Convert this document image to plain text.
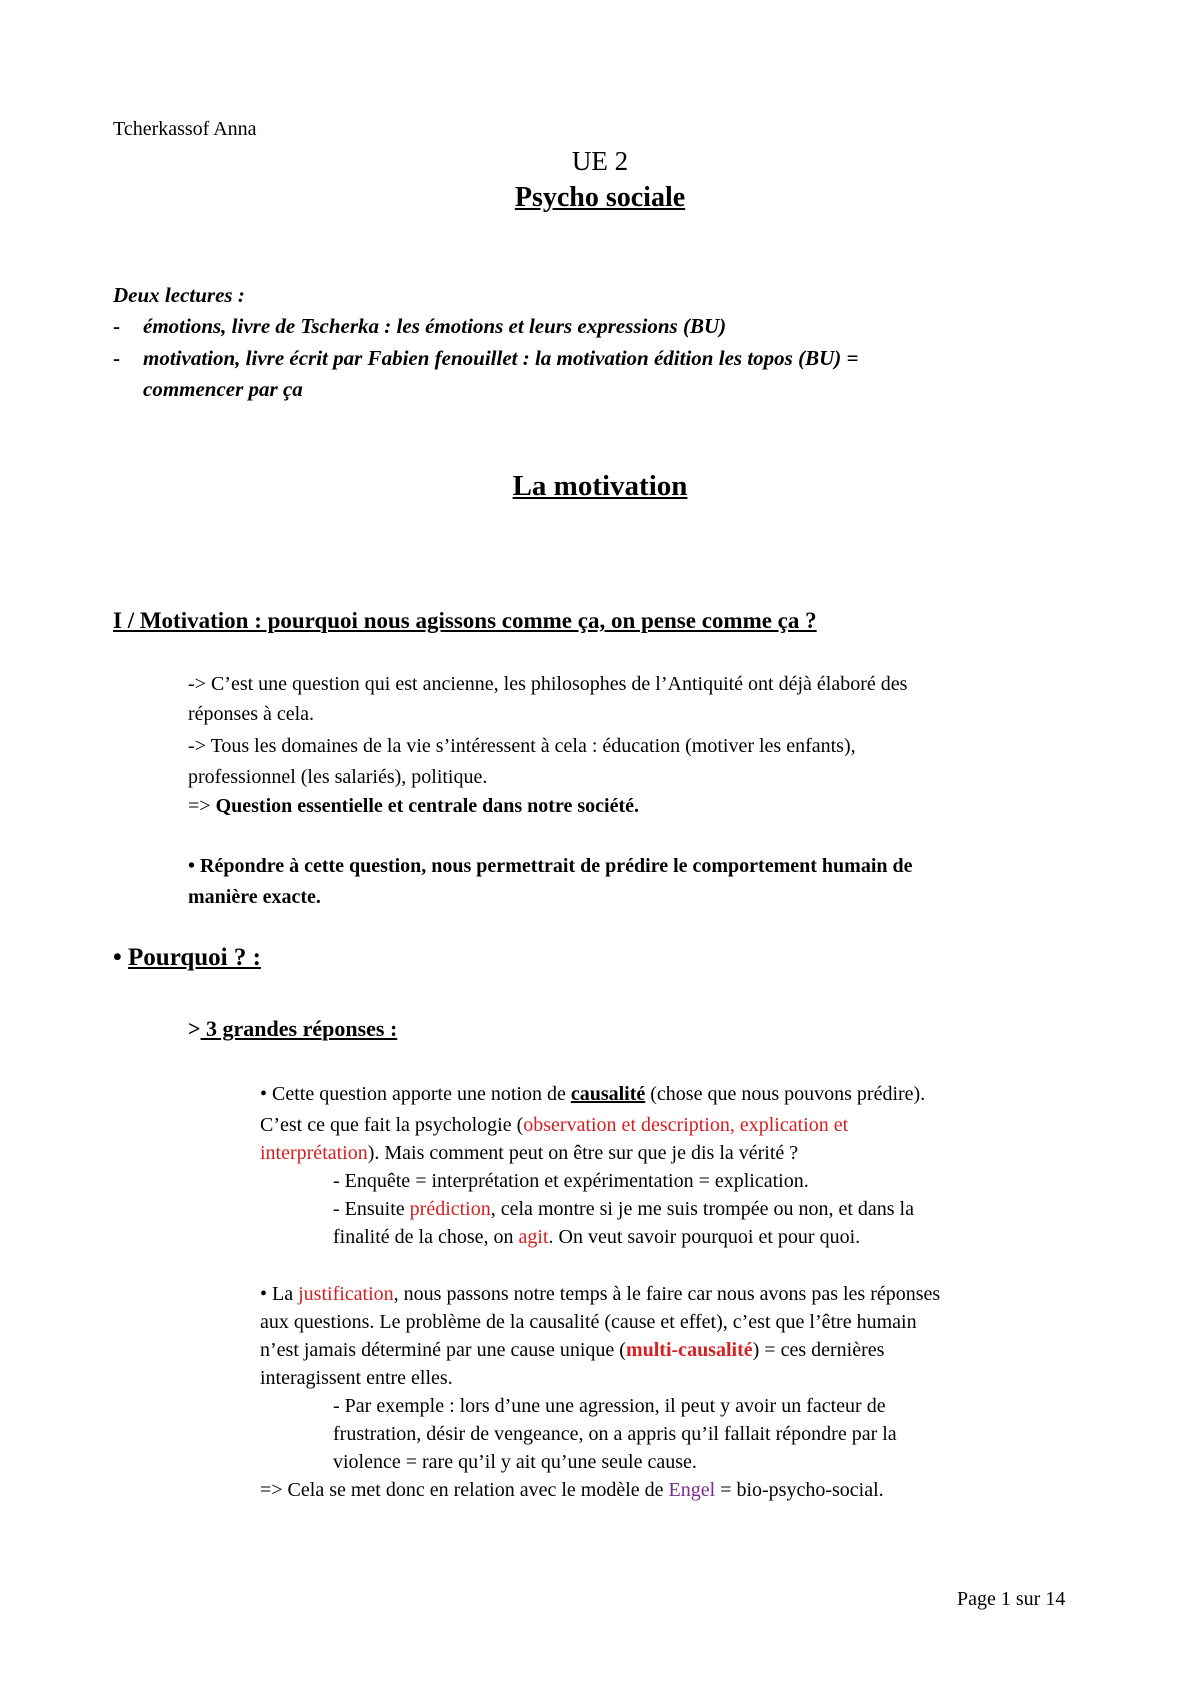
Tcherkassof Anna
UE 2
Psycho sociale
Deux lectures :
- émotions, livre de Tscherka : les émotions et leurs expressions (BU)
- motivation, livre écrit par Fabien fenouillet : la motivation édition les topos (BU) =
commencer par ça
La motivation
I / Motivation : pourquoi nous agissons comme ça, on pense comme ça ?
-> C’est une question qui est ancienne, les philosophes de l’Antiquité ont déjà élaboré des
réponses à cela.
-> Tous les domaines de la vie s’intéressent à cela : éducation (motiver les enfants),
professionnel (les salariés), politique.
=> Question essentielle et centrale dans notre société.
• Répondre à cette question, nous permettrait de prédire le comportement humain de
manière exacte.
• Pourquoi ? :
> 3 grandes réponses :
• Cette question apporte une notion de causalité (chose que nous pouvons prédire).
C’est ce que fait la psychologie (observation et description, explication et
interprétation). Mais comment peut on être sur que je dis la vérité ?
- Enquête = interprétation et expérimentation = explication.
- Ensuite prédiction, cela montre si je me suis trompée ou non, et dans la
finalité de la chose, on agit. On veut savoir pourquoi et pour quoi.
• La justification, nous passons notre temps à le faire car nous avons pas les réponses
aux questions. Le problème de la causalité (cause et effet), c’est que l’être humain
n’est jamais déterminé par une cause unique (multi-causalité) = ces dernières
interagissent entre elles.
- Par exemple : lors d’une une agression, il peut y avoir un facteur de
frustration, désir de vengeance, on a appris qu’il fallait répondre par la
violence = rare qu’il y ait qu’une seule cause.
=> Cela se met donc en relation avec le modèle de Engel = bio-psycho-social.
Page 1 sur 14
